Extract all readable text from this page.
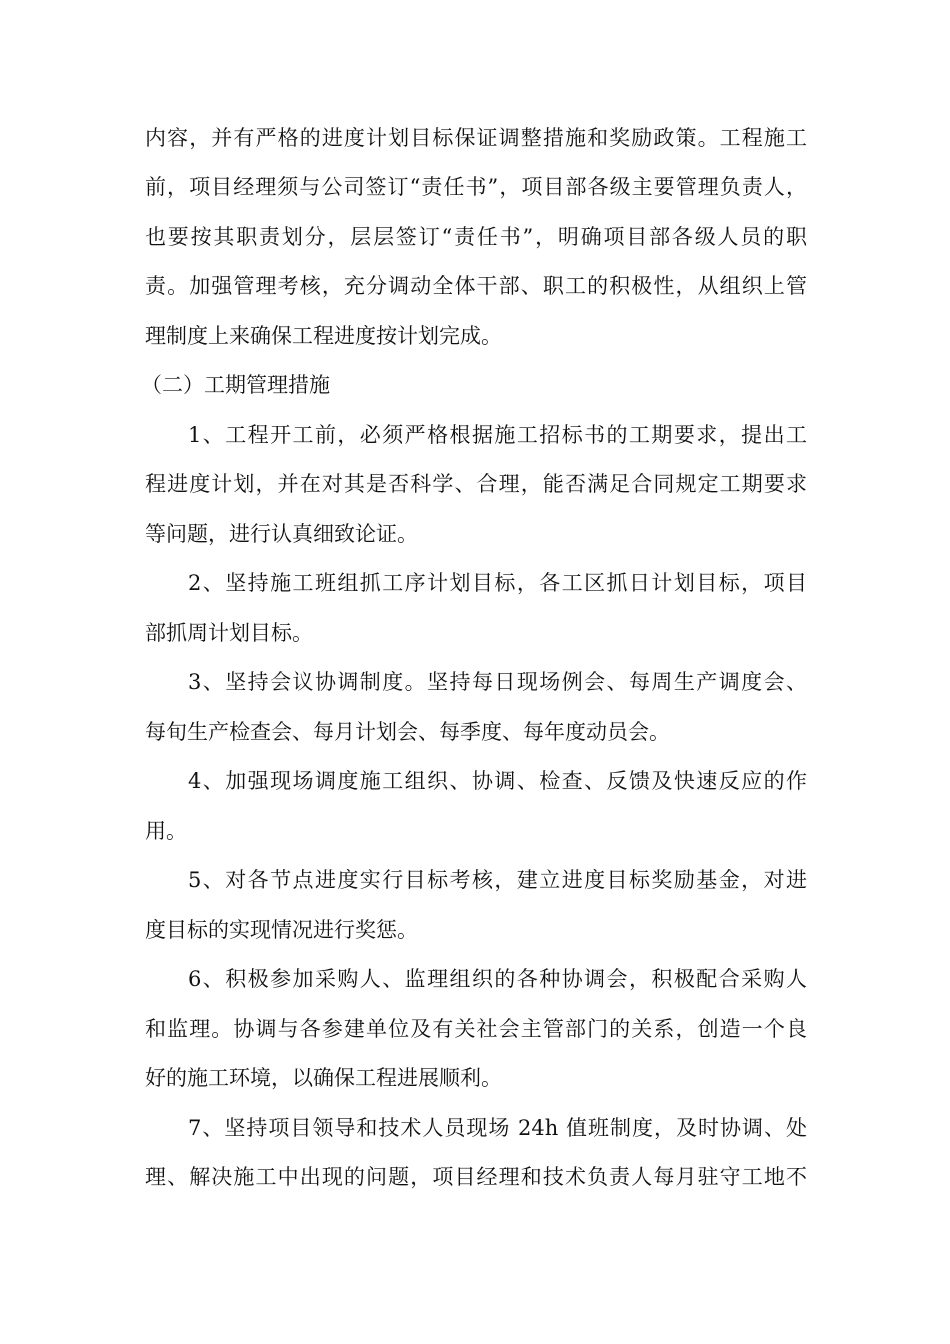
内容，并有严格的进度计划目标保证调整措施和奖励政策。工程施工
前，项目经理须与公司签订“责任书”，项目部各级主要管理负责人，
也要按其职责划分，层层签订“责任书”，明确项目部各级人员的职
责。加强管理考核，充分调动全体干部、职工的积极性，从组织上管
理制度上来确保工程进度按计划完成。
（二）工期管理措施
1、工程开工前，必须严格根据施工招标书的工期要求，提出工
程进度计划，并在对其是否科学、合理，能否满足合同规定工期要求
等问题，进行认真细致论证。
2、坚持施工班组抓工序计划目标，各工区抓日计划目标，项目
部抓周计划目标。
3、坚持会议协调制度。坚持每日现场例会、每周生产调度会、
每旬生产检查会、每月计划会、每季度、每年度动员会。
4、加强现场调度施工组织、协调、检查、反馈及快速反应的作
用。
5、对各节点进度实行目标考核，建立进度目标奖励基金，对进
度目标的实现情况进行奖惩。
6、积极参加采购人、监理组织的各种协调会，积极配合采购人
和监理。协调与各参建单位及有关社会主管部门的关系，创造一个良
好的施工环境，以确保工程进展顺利。
7、坚持项目领导和技术人员现场 24h 值班制度，及时协调、处
理、解决施工中出现的问题，项目经理和技术负责人每月驻守工地不
